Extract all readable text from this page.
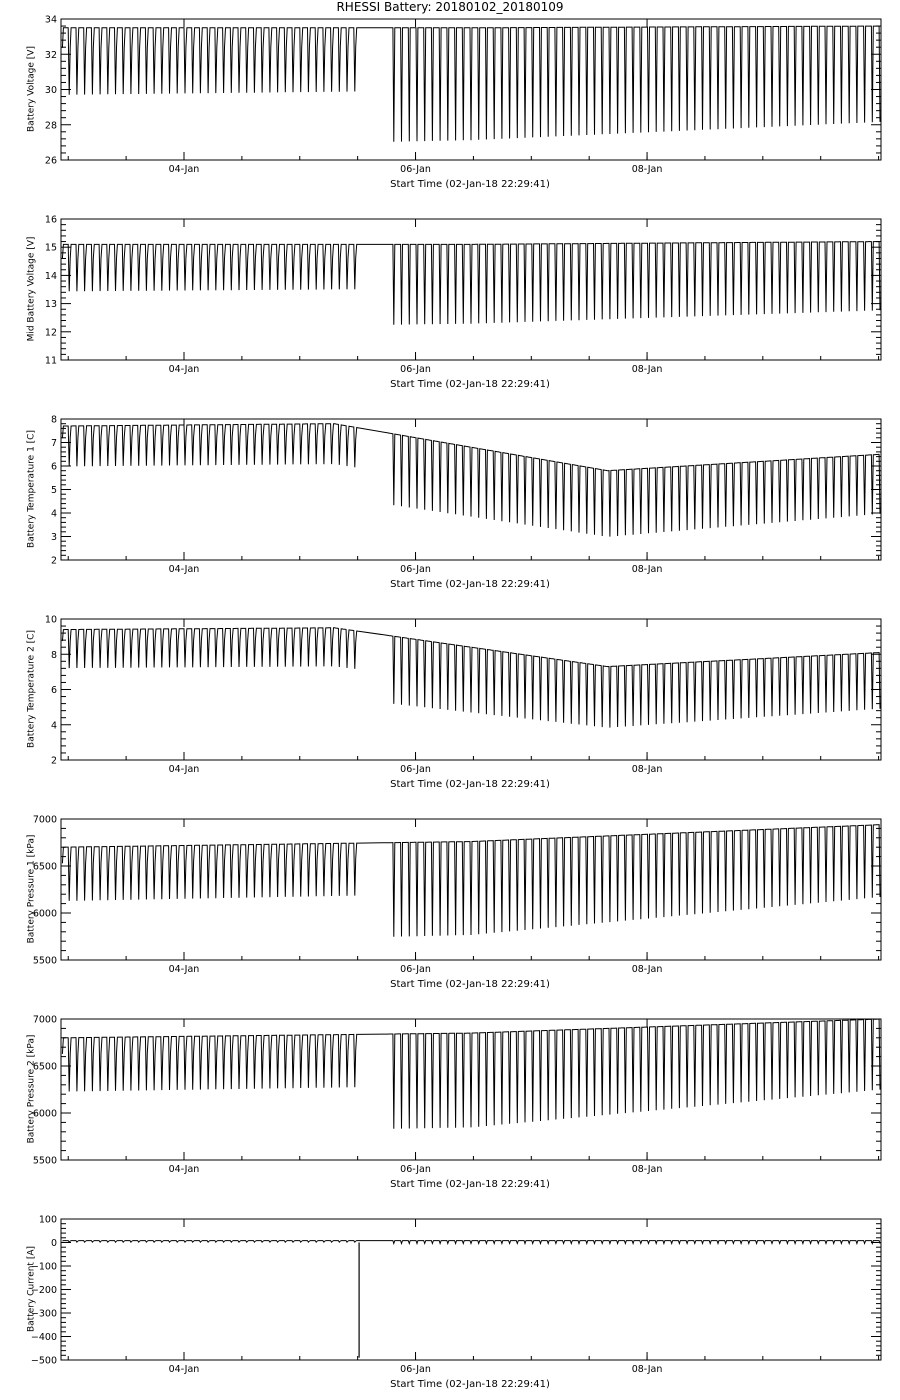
RHESSI Battery: 20180102_20180109
26
28
30
32
34
04-Jan	06-Jan	08-Jan
Start Time (02-Jan-18 22:29:41)
Battery Voltage [V]
11
12
13
14
15
16
04-Jan	06-Jan	08-Jan
Start Time (02-Jan-18 22:29:41)
Mid Battery Voltage [V]
2
3
4
5
6
7
8
04-Jan	06-Jan	08-Jan
Start Time (02-Jan-18 22:29:41)
Battery Temperature 1 [C]
2
4
6
8
10
04-Jan	06-Jan	08-Jan
Start Time (02-Jan-18 22:29:41)
Battery Temperature 2 [C]
5500
6000
6500
7000
04-Jan	06-Jan	08-Jan
Start Time (02-Jan-18 22:29:41)
Battery Pressure 1 [kPa]
5500
6000
6500
7000
04-Jan	06-Jan	08-Jan
Start Time (02-Jan-18 22:29:41)
Battery Pressure 2 [kPa]
−500
−400
−300
−200
−100
0
100
04-Jan	06-Jan	08-Jan
Start Time (02-Jan-18 22:29:41)
Battery Current [A]
